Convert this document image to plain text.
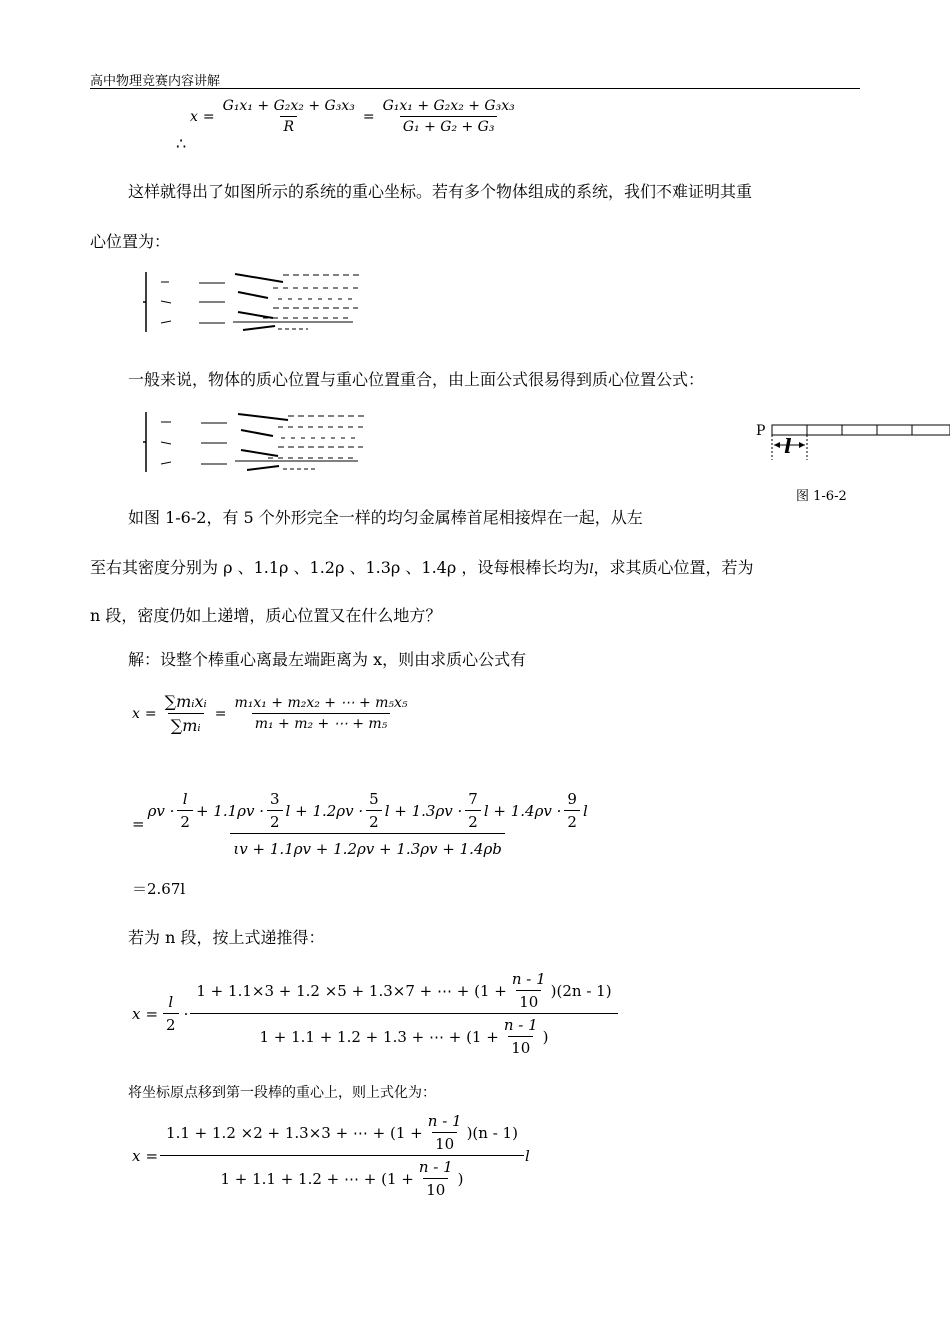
高中物理竞赛内容讲解
$x = \frac{\text{G₁x₁ + G₂x₂ + G₃x₃}}{R} = \frac{\text{G₁x₁ + G₂x₂ + G₃x₃}}{\text{G₁ + G₂ + G₃}}$
∴
这样就得出了如图所示的系统的重心坐标。若有多个物体组成的系统，我们不难证明其重
心位置为：
一般来说，物体的质心位置与重心位置重合，由上面公式很易得到质心位置公式：
P
l
图 1-6-2
如图 1-6-2，有 5 个外形完全一样的均匀金属棒首尾相接焊在一起，从左
至右其密度分别为 ρ 、1.1ρ 、1.2ρ 、1.3ρ 、1.4ρ ，设每根棒长均为l，求其质心位置，若为
n 段，密度仍如上递增，质心位置又在什么地方？
解：设整个棒重心离最左端距离为 x，则由求质心公式有
$x = \frac{\text{∑mᵢxᵢ}}{\text{∑mᵢ}} = \frac{\text{m₁x₁ + m₂x₂ + ⋯ + m₅x₅}}{\text{m₁ + m₂ + ⋯ + m₅}}$
=
$\rho v \cdot \frac{l}{2} + 1.1\rho v \cdot \frac{3}{2}$ $l + 1.2\rho v \cdot \frac{5}{2}$ $l + 1.3\rho v \cdot \frac{7}{2}$ $l + 1.4\rho v \cdot \frac{9}{2}$ l
ιv + 1.1ρv + 1.2ρv + 1.3ρv + 1.4ρb
＝2.67l
若为 n 段，按上式递推得：
$x = \frac{l}{2}$ ·
1 + 1.1×3 + 1.2 ×5 + 1.3×7 + ⋯ + $(1 + \frac{n - 1}{10} )(2n - 1)$
1 + 1.1 + 1.2 + 1.3 + ⋯ + ($1 + \frac{n - 1}{10}$ )
将坐标原点移到第一段棒的重心上，则上式化为：
$x = \frac{1.1 + 1.2 \times 2 + 1.3\times 3 + \cdots + (1 + \frac{n - 1}{10} )(n - 1)}{1 + 1.1 + 1.2 + \cdots + (1 + \frac{n - 1}{10} )}$ l
